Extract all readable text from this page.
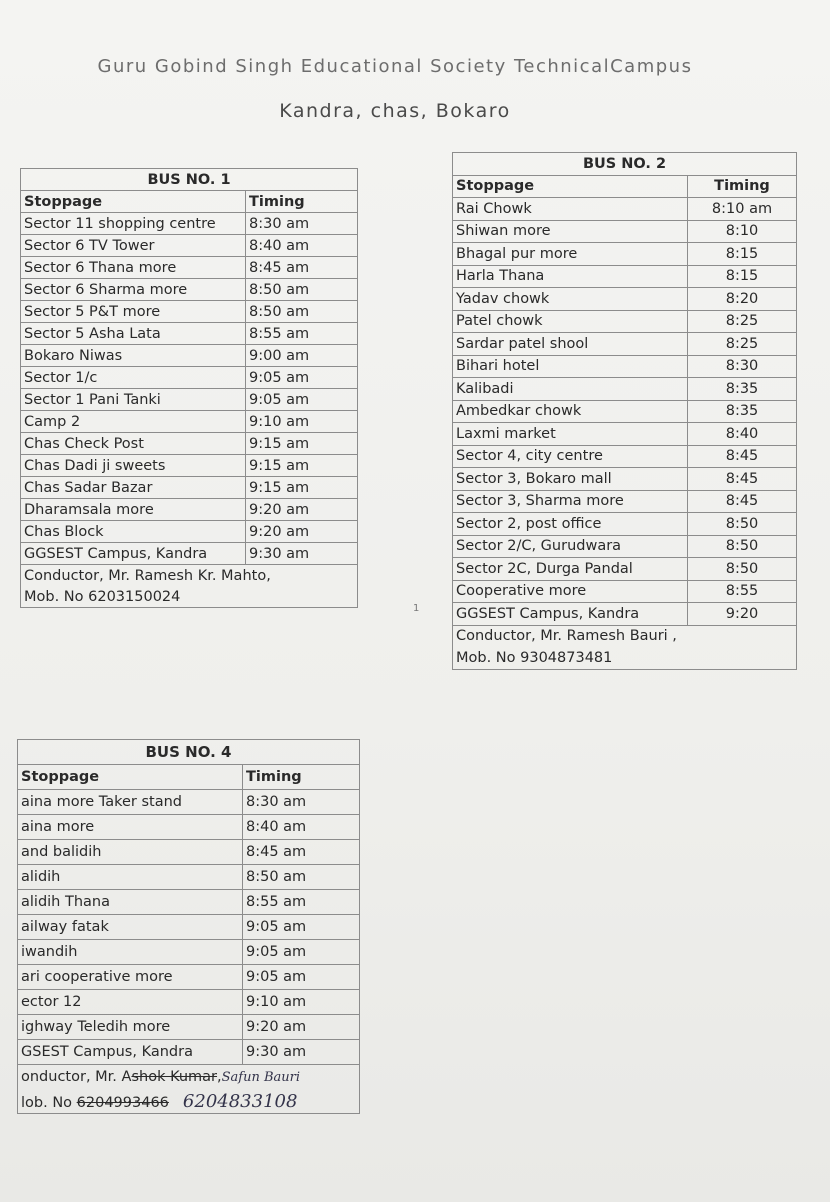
Guru Gobind Singh Educational Society TechnicalCampus
Kandra, chas, Bokaro
BUS NO. 1	
Stoppage	Timing
Sector 11 shopping centre	8:30 am
Sector 6 TV Tower	8:40 am
Sector 6 Thana more	8:45 am
Sector 6 Sharma more	8:50 am
Sector 5 P&T more	8:50 am
Sector 5 Asha Lata	8:55 am
Bokaro Niwas	9:00 am
Sector 1/c	9:05 am
Sector 1 Pani Tanki	9:05 am
Camp 2	9:10 am
Chas Check Post	9:15 am
Chas Dadi ji sweets	9:15 am
Chas Sadar Bazar	9:15 am
Dharamsala more	9:20 am
Chas Block	9:20 am
GGSEST Campus, Kandra	9:30 am
Conductor, Mr. Ramesh Kr. Mahto,	
Mob. No 6203150024	
BUS NO. 2	
Stoppage	Timing
Rai Chowk	8:10 am
Shiwan more	8:10
Bhagal pur more	8:15
Harla Thana	8:15
Yadav chowk	8:20
Patel chowk	8:25
Sardar patel shool	8:25
Bihari hotel	8:30
Kalibadi	8:35
Ambedkar chowk	8:35
Laxmi market	8:40
Sector 4, city centre	8:45
Sector 3, Bokaro mall	8:45
Sector 3, Sharma more	8:45
Sector 2, post office	8:50
Sector 2/C, Gurudwara	8:50
Sector 2C, Durga Pandal	8:50
Cooperative more	8:55
GGSEST Campus, Kandra	9:20
Conductor, Mr. Ramesh Bauri ,	
Mob. No 9304873481	
1
BUS NO. 4	
Stoppage	Timing
aina more Taker stand	8:30 am
aina more	8:40 am
and balidih	8:45 am
alidih	8:50 am
alidih Thana	8:55 am
ailway fatak	9:05 am
iwandih	9:05 am
ari cooperative more	9:05 am
ector 12	9:10 am
ighway Teledih more	9:20 am
GSEST Campus, Kandra	9:30 am
onductor, Mr. Ashok Kumar,Safun Bauri	
lob. No 6204993466 6204833108	
